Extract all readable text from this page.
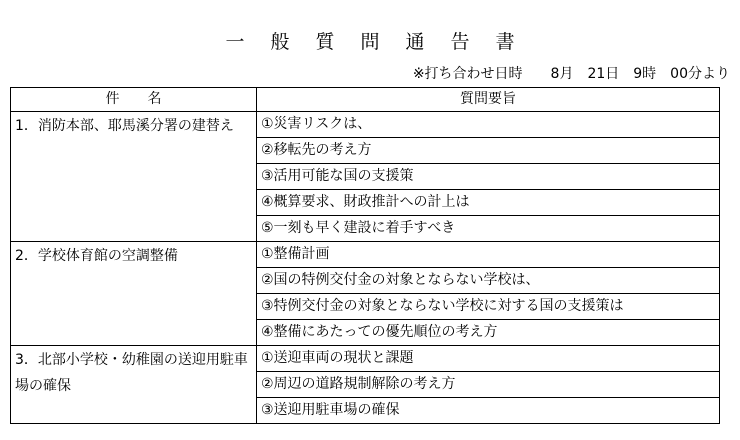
一般質問通告書
※打ち合わせ日時　　8月　21日　9時　00分より
件　　名	質問要旨
1．消防本部、耶馬溪分署の建替え	①災害リスクは、
	②移転先の考え方
	③活用可能な国の支援策
	④概算要求、財政推計への計上は
	⑤一刻も早く建設に着手すべき
2．学校体育館の空調整備	①整備計画
	②国の特例交付金の対象とならない学校は、
	③特例交付金の対象とならない学校に対する国の支援策は
	④整備にあたっての優先順位の考え方
3．北部小学校・幼稚園の送迎用駐車場の確保	①送迎車両の現状と課題
	②周辺の道路規制解除の考え方
	③送迎用駐車場の確保
